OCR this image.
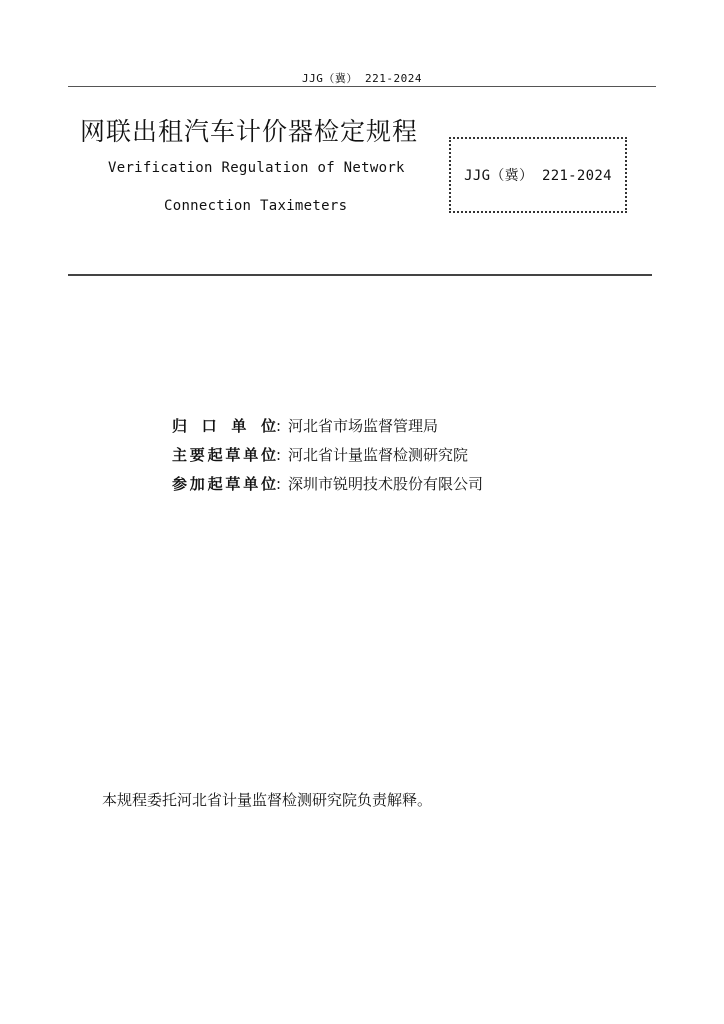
JJG（冀） 221-2024
网联出租汽车计价器检定规程
Verification Regulation of Network
Connection Taximeters
JJG（冀） 221-2024
归 口 单 位: 河北省市场监督管理局
主要起草单位: 河北省计量监督检测研究院
参加起草单位: 深圳市锐明技术股份有限公司
本规程委托河北省计量监督检测研究院负责解释。
